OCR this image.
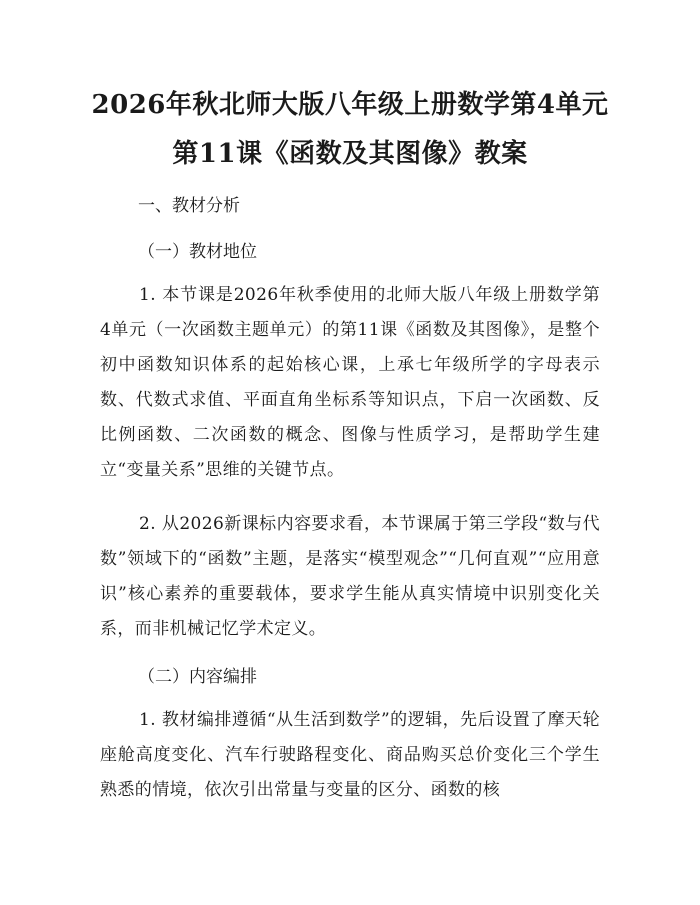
2026年秋北师大版八年级上册数学第4单元
第11课《函数及其图像》教案
一、教材分析
（一）教材地位
1. 本节课是2026年秋季使用的北师大版八年级上册数学第4单元（一次函数主题单元）的第11课《函数及其图像》，是整个初中函数知识体系的起始核心课，上承七年级所学的字母表示数、代数式求值、平面直角坐标系等知识点，下启一次函数、反比例函数、二次函数的概念、图像与性质学习，是帮助学生建立“变量关系”思维的关键节点。
2. 从2026新课标内容要求看，本节课属于第三学段“数与代数”领域下的“函数”主题，是落实“模型观念”“几何直观”“应用意识”核心素养的重要载体，要求学生能从真实情境中识别变化关系，而非机械记忆学术定义。
（二）内容编排
1. 教材编排遵循“从生活到数学”的逻辑，先后设置了摩天轮座舱高度变化、汽车行驶路程变化、商品购买总价变化三个学生熟悉的情境，依次引出常量与变量的区分、函数的核
